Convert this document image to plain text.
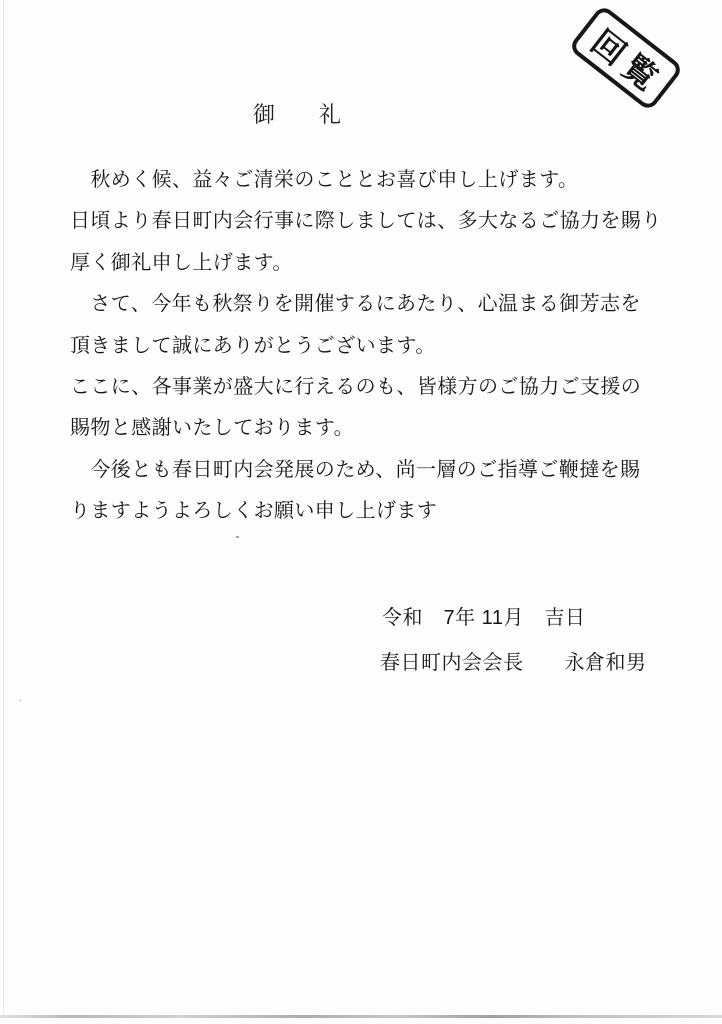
回覧
御　　礼
　秋めく候、益々ご清栄のこととお喜び申し上げます。
日頃より春日町内会行事に際しましては、多大なるご協力を賜り
厚く御礼申し上げます。
　さて、今年も秋祭りを開催するにあたり、心温まる御芳志を
頂きまして誠にありがとうございます。
ここに、各事業が盛大に行えるのも、皆様方のご協力ご支援の
賜物と感謝いたしております。
　今後とも春日町内会発展のため、尚一層のご指導ご鞭撻を賜
りますようよろしくお願い申し上げます
令和　7年 11月　吉日
春日町内会会長　　永倉和男
